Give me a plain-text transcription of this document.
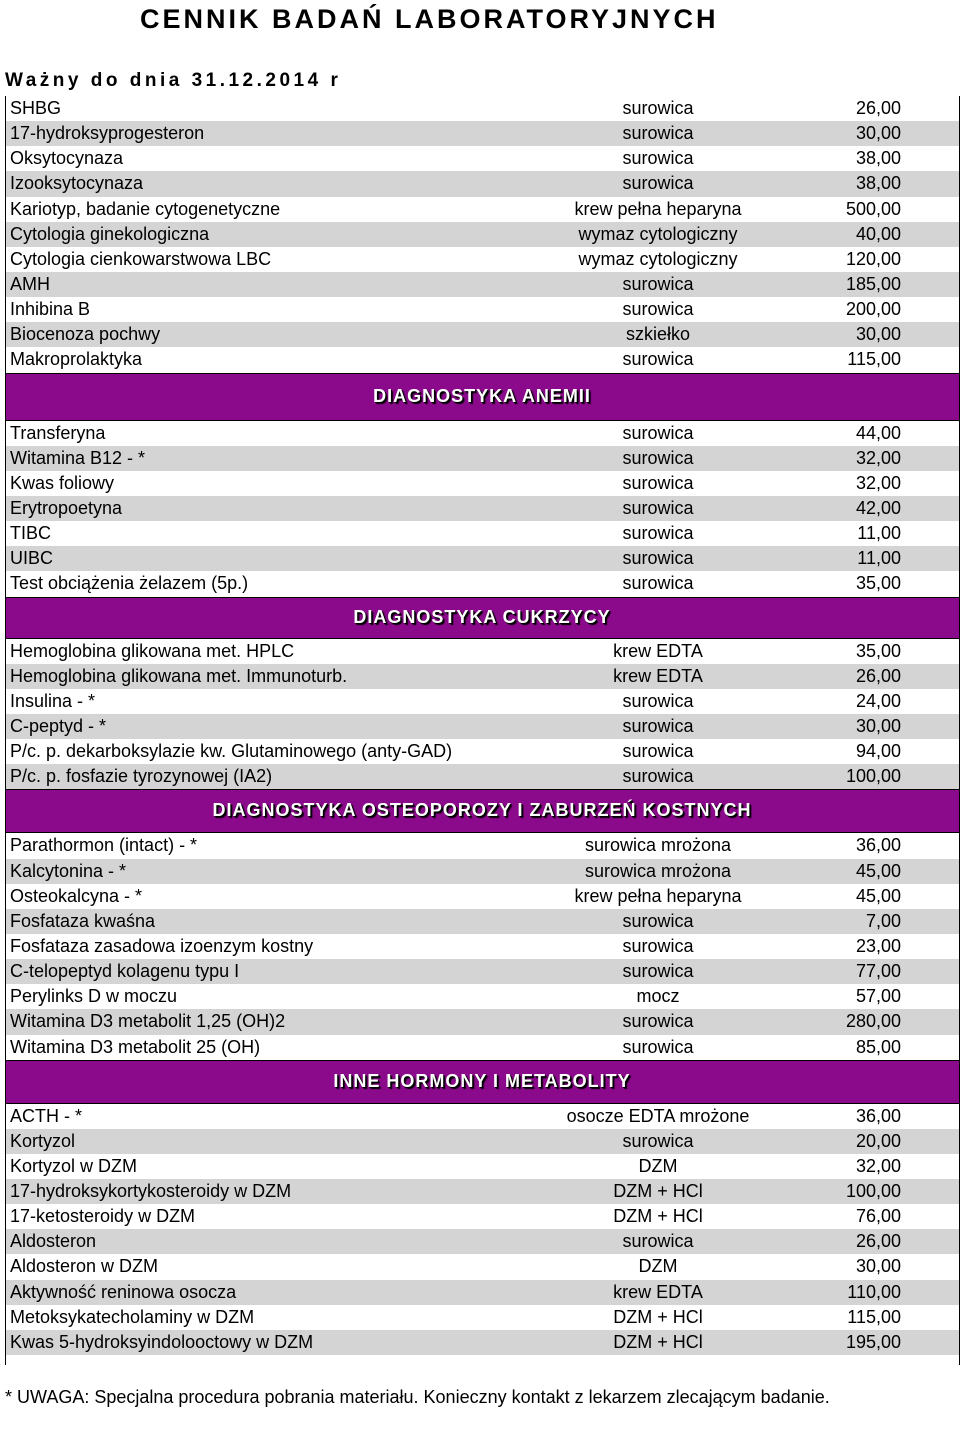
CENNIK BADAŃ LABORATORYJNYCH
Ważny do dnia 31.12.2014 r
SHBG	surowica	26,00
17-hydroksyprogesteron	surowica	30,00
Oksytocynaza	surowica	38,00
Izooksytocynaza	surowica	38,00
Kariotyp, badanie cytogenetyczne	krew pełna heparyna	500,00
Cytologia ginekologiczna	wymaz cytologiczny	40,00
Cytologia cienkowarstwowa LBC	wymaz cytologiczny	120,00
AMH	surowica	185,00
Inhibina B	surowica	200,00
Biocenoza pochwy	szkiełko	30,00
Makroprolaktyka	surowica	115,00
DIAGNOSTYKA ANEMII
Transferyna	surowica	44,00
Witamina B12 - *	surowica	32,00
Kwas foliowy	surowica	32,00
Erytropoetyna	surowica	42,00
TIBC	surowica	11,00
UIBC	surowica	11,00
Test obciążenia żelazem (5p.)	surowica	35,00
DIAGNOSTYKA CUKRZYCY
Hemoglobina glikowana met. HPLC	krew EDTA	35,00
Hemoglobina glikowana met. Immunoturb.	krew EDTA	26,00
Insulina - *	surowica	24,00
C-peptyd - *	surowica	30,00
P/c. p. dekarboksylazie kw. Glutaminowego (anty-GAD)	surowica	94,00
P/c. p. fosfazie tyrozynowej (IA2)	surowica	100,00
DIAGNOSTYKA OSTEOPOROZY I ZABURZEŃ KOSTNYCH
Parathormon (intact) - *	surowica mrożona	36,00
Kalcytonina - *	surowica mrożona	45,00
Osteokalcyna - *	krew pełna heparyna	45,00
Fosfataza kwaśna	surowica	7,00
Fosfataza zasadowa izoenzym kostny	surowica	23,00
C-telopeptyd kolagenu typu I	surowica	77,00
Perylinks D w moczu	mocz	57,00
Witamina D3 metabolit 1,25 (OH)2	surowica	280,00
Witamina D3 metabolit 25 (OH)	surowica	85,00
INNE HORMONY I METABOLITY
ACTH - *	osocze EDTA mrożone	36,00
Kortyzol	surowica	20,00
Kortyzol w DZM	DZM	32,00
17-hydroksykortykosteroidy w DZM	DZM + HCl	100,00
17-ketosteroidy w DZM	DZM + HCl	76,00
Aldosteron	surowica	26,00
Aldosteron w DZM	DZM	30,00
Aktywność reninowa osocza	krew EDTA	110,00
Metoksykatecholaminy w DZM	DZM + HCl	115,00
Kwas 5-hydroksyindolooctowy w DZM	DZM + HCl	195,00
* UWAGA: Specjalna procedura pobrania materiału. Konieczny kontakt z lekarzem zlecającym badanie.
